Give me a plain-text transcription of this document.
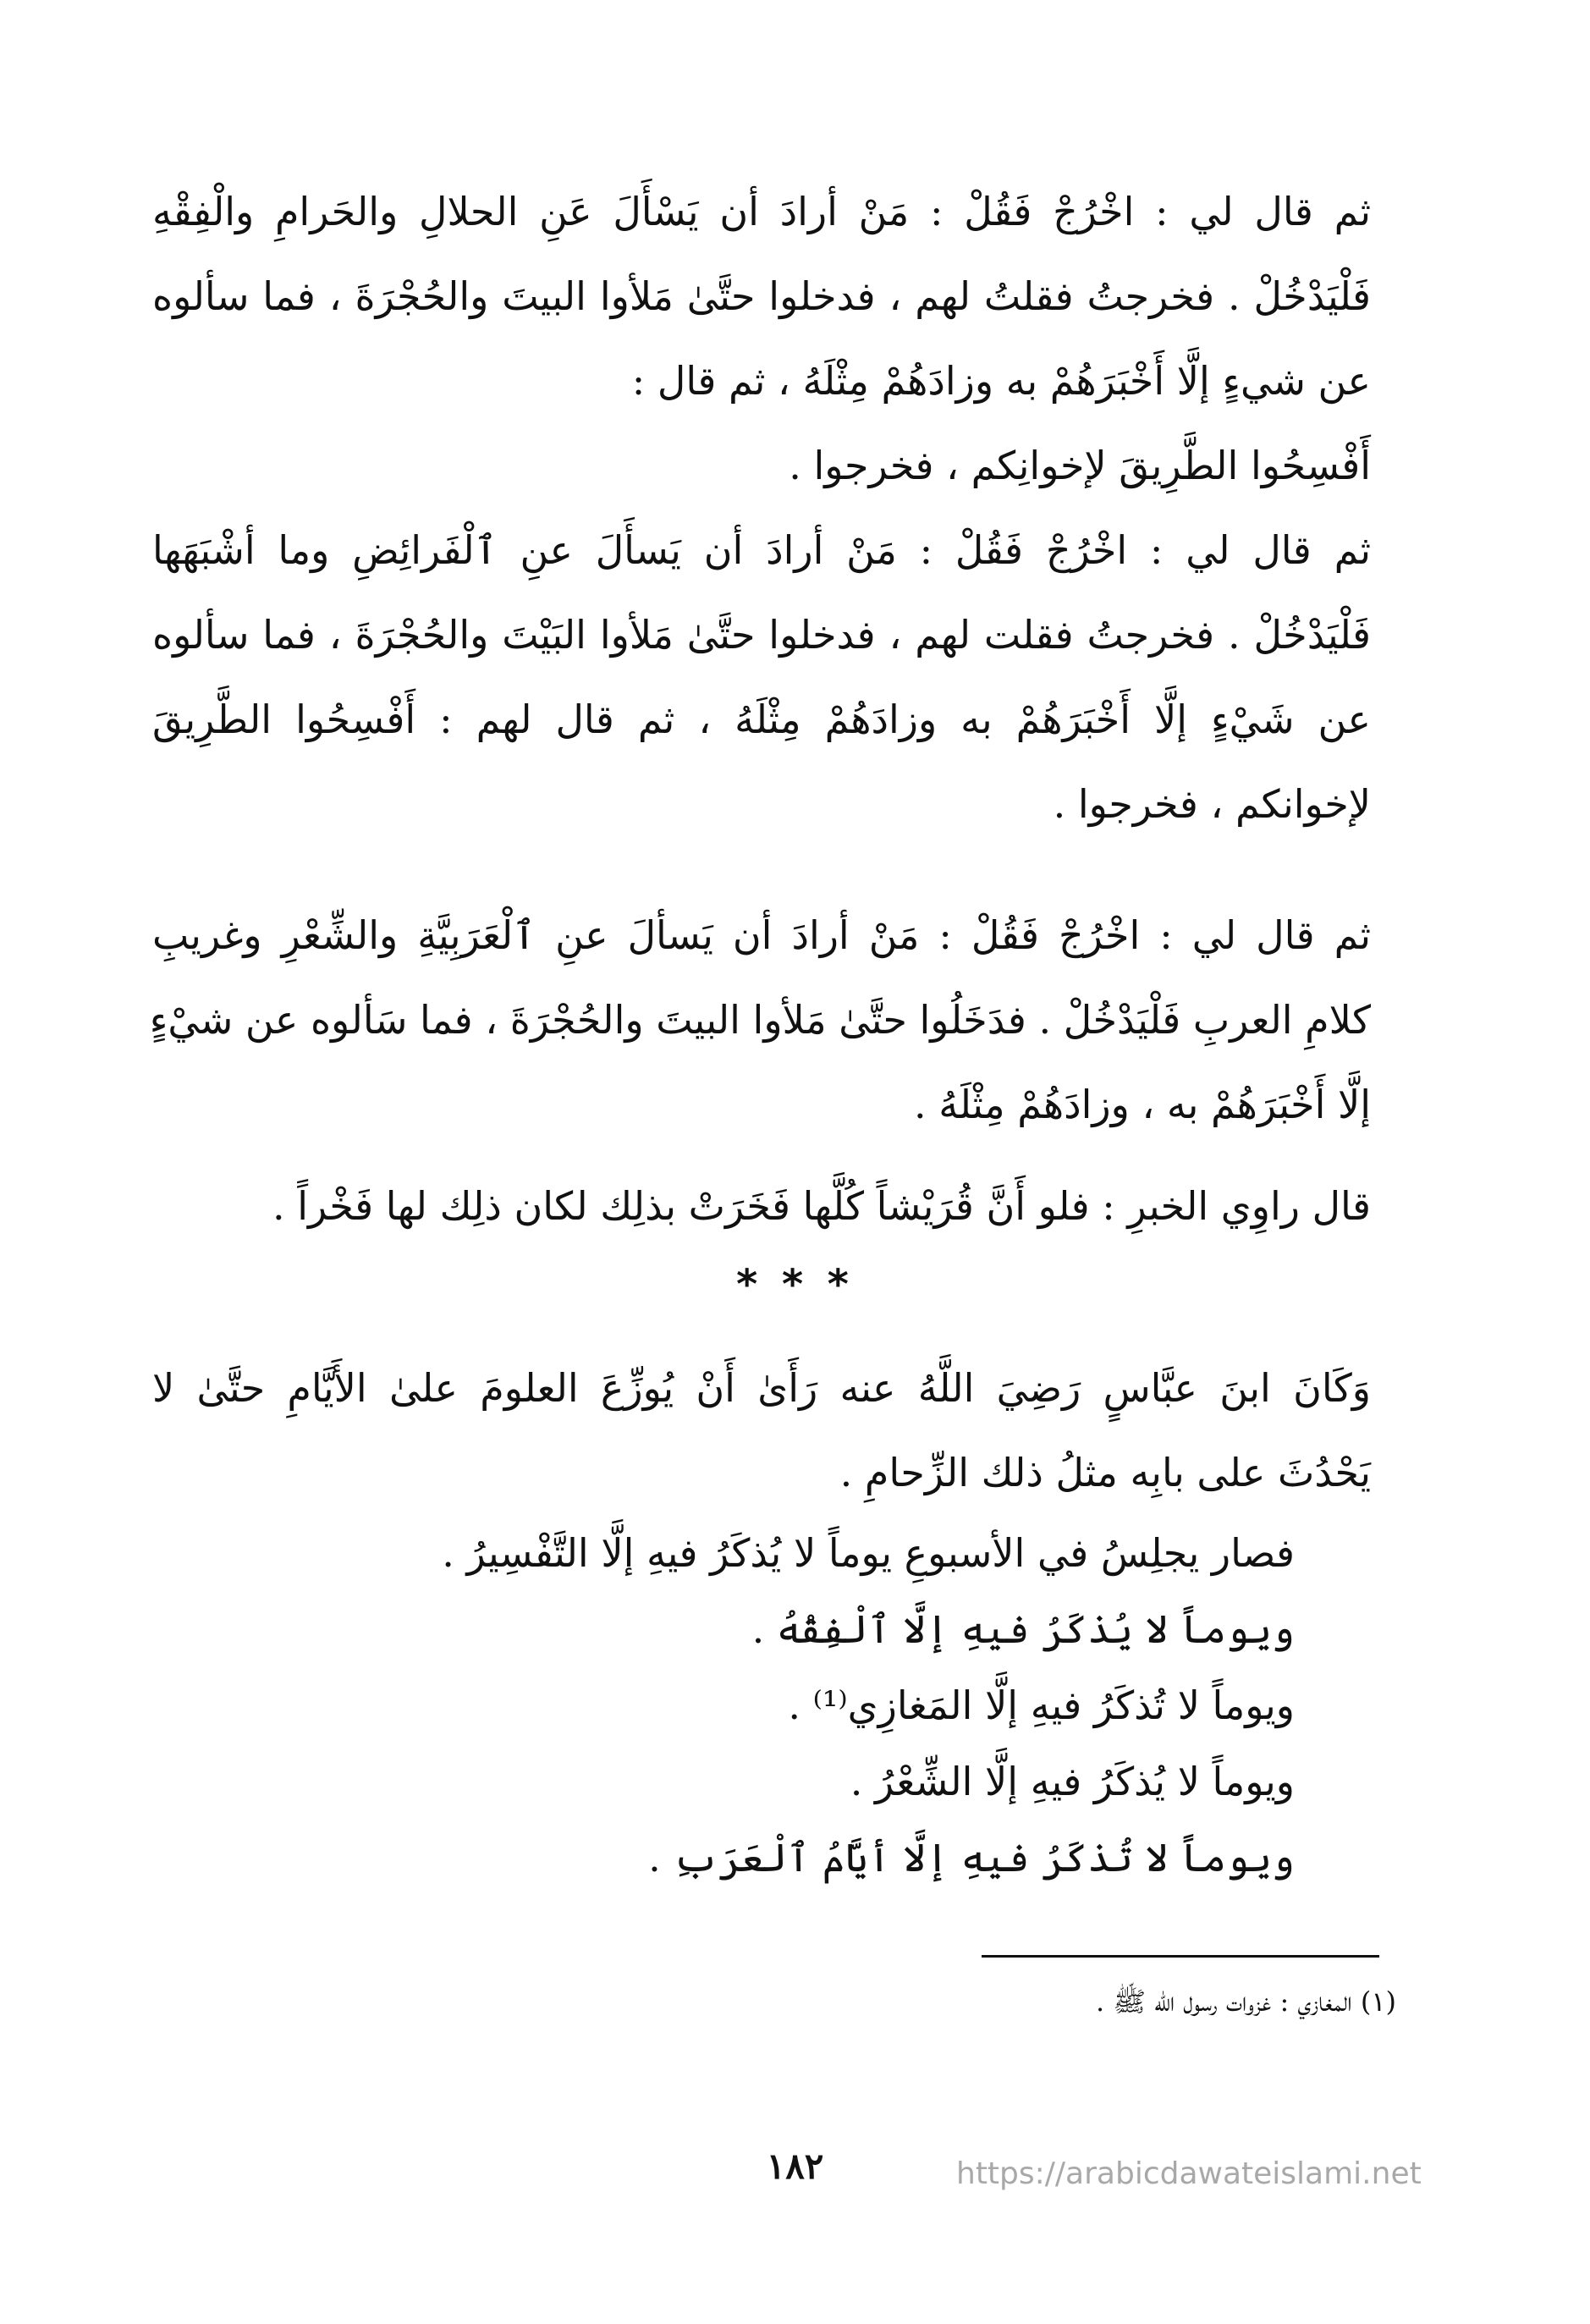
ثم قال لي : اخْرُجْ فَقُلْ : مَنْ أرادَ أن يَسْأَلَ عَنِ الحلالِ والحَرامِ والْفِقْهِ
فَلْيَدْخُلْ . فخرجتُ فقلتُ لهم ، فدخلوا حتَّىٰ مَلأوا البيتَ والحُجْرَةَ ، فما سألوه
عن شيءٍ إلَّا أَخْبَرَهُمْ به وزادَهُمْ مِثْلَهُ ، ثم قال :
أَفْسِحُوا الطَّرِيقَ لإخوانِكم ، فخرجوا .
ثم قال لي : اخْرُجْ فَقُلْ : مَنْ أرادَ أن يَسأَلَ عنِ ٱلْفَرائِضِ وما أشْبَهَها
فَلْيَدْخُلْ . فخرجتُ فقلت لهم ، فدخلوا حتَّىٰ مَلأوا البَيْتَ والحُجْرَةَ ، فما سألوه
عن شَيْءٍ إلَّا أَخْبَرَهُمْ به وزادَهُمْ مِثْلَهُ ، ثم قال لهم : أَفْسِحُوا الطَّرِيقَ
لإخوانكم ، فخرجوا .
ثم قال لي : اخْرُجْ فَقُلْ : مَنْ أرادَ أن يَسألَ عنِ ٱلْعَرَبِيَّةِ والشِّعْرِ وغريبِ
كلامِ العربِ فَلْيَدْخُلْ . فدَخَلُوا حتَّىٰ مَلأوا البيتَ والحُجْرَةَ ، فما سَألوه عن شيْءٍ
إلَّا أَخْبَرَهُمْ به ، وزادَهُمْ مِثْلَهُ .
قال راوِي الخبرِ : فلو أَنَّ قُرَيْشاً كُلَّها فَخَرَتْ بذلِك لكان ذلِك لها فَخْراً .
* * *
وَكَانَ ابنَ عبَّاسٍ رَضِيَ اللَّهُ عنه رَأَىٰ أَنْ يُوزِّعَ العلومَ علىٰ الأَيَّامِ حتَّىٰ لا
يَحْدُثَ على بابِه مثلُ ذلك الزِّحامِ .
فصار يجلِسُ في الأسبوعِ يوماً لا يُذكَرُ فيهِ إلَّا التَّفْسِيرُ .
ويوماً لا يُذكَرُ فيهِ إلَّا ٱلْفِقْهُ .
ويوماً لا تُذكَرُ فيهِ إلَّا المَغازِي⁽¹⁾ .
ويوماً لا يُذكَرُ فيهِ إلَّا الشِّعْرُ .
ويوماً لا تُذكَرُ فيهِ إلَّا أيَّامُ ٱلْعَرَبِ .
(١) المغازي : غزوات رسول اللّه ﷺ .
١٨٢	https://arabicdawateislami.net
